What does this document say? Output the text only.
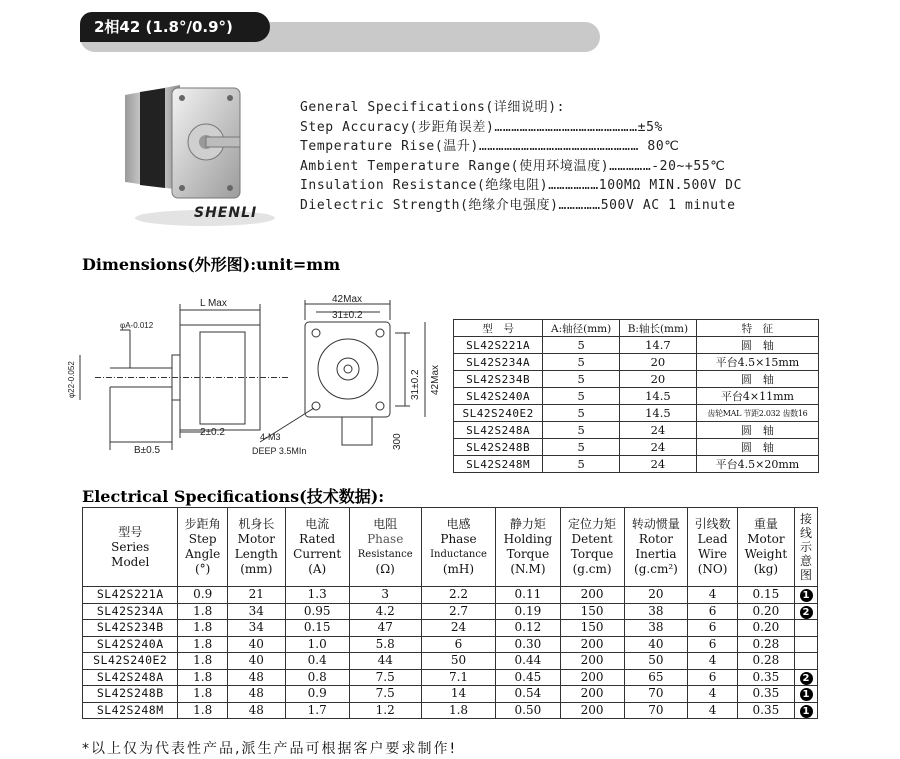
2相42 (1.8°/0.9°)
SHENLI
General Specifications(详细说明):
Step Accuracy(步距角误差)……………………………………………±5%
Temperature Rise(温升)………………………………………………… 80℃
Ambient Temperature Range(使用环境温度)……………-20~+55℃
Insulation Resistance(绝缘电阻)………………100MΩ MIN.500V DC
Dielectric Strength(绝缘介电强度)……………500V AC 1 minute
Dimensions(外形图):unit=mm
L Max
φA-0.012
φ22-0.052
B±0.5
2±0.2
42Max
31±0.2
31±0.2 42Max
300
4-M3
DEEP 3.5MIn
型　号	A:轴径(mm)	B:轴长(mm)	特　征
SL42S221A	5	14.7	圆　轴
SL42S234A	5	20	平台4.5×15mm
SL42S234B	5	20	圆　轴
SL42S240A	5	14.5	平台4×11mm
SL42S240E2	5	14.5	齿轮MAL 节距2.032 齿数16
SL42S248A	5	24	圆　轴
SL42S248B	5	24	圆　轴
SL42S248M	5	24	平台4.5×20mm
Electrical Specifications(技术数据):
型号
Series
Model	步距角
Step
Angle
(°)	机身长
Motor
Length
(mm)	电流
Rated
Current
(A)	电阻
Phase
Resistance
(Ω)	电感
Phase
Inductance
(mH)	静力矩
Holding
Torque
(N.M)	定位力矩
Detent
Torque
(g.cm)	转动惯量
Rotor
Inertia
(g.cm²)	引线数
Lead
Wire
(NO)	重量
Motor
Weight
(kg)	接
线
示
意
图

SL42S221A	0.9	21	1.3	3	2.2	0.11	200	20	4	0.15	1
SL42S234A	1.8	34	0.95	4.2	2.7	0.19	150	38	6	0.20	2
SL42S234B	1.8	34	0.15	47	24	0.12	150	38	6	0.20	
SL42S240A	1.8	40	1.0	5.8	6	0.30	200	40	6	0.28	
SL42S240E2	1.8	40	0.4	44	50	0.44	200	50	4	0.28	
SL42S248A	1.8	48	0.8	7.5	7.1	0.45	200	65	6	0.35	2
SL42S248B	1.8	48	0.9	7.5	14	0.54	200	70	4	0.35	1
SL42S248M	1.8	48	1.7	1.2	1.8	0.50	200	70	4	0.35	1
*以上仅为代表性产品,派生产品可根据客户要求制作!
